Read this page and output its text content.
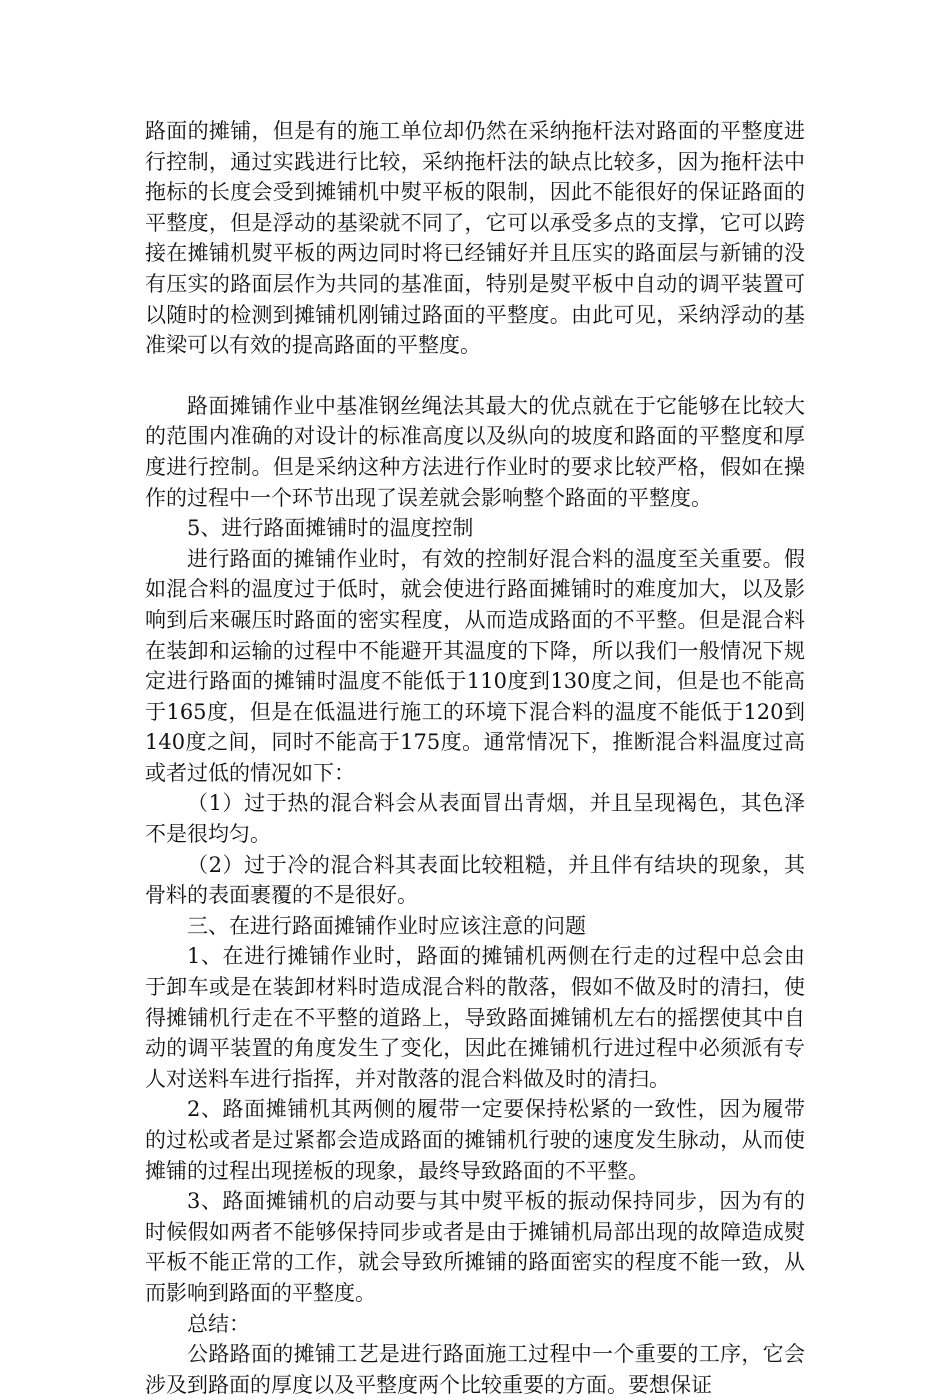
路面的摊铺，但是有的施工单位却仍然在采纳拖杆法对路面的平整度进行控制，通过实践进行比较，采纳拖杆法的缺点比较多，因为拖杆法中拖标的长度会受到摊铺机中熨平板的限制，因此不能很好的保证路面的平整度，但是浮动的基梁就不同了，它可以承受多点的支撑，它可以跨接在摊铺机熨平板的两边同时将已经铺好并且压实的路面层与新铺的没有压实的路面层作为共同的基准面，特别是熨平板中自动的调平装置可以随时的检测到摊铺机刚铺过路面的平整度。由此可见，采纳浮动的基准梁可以有效的提高路面的平整度。

路面摊铺作业中基准钢丝绳法其最大的优点就在于它能够在比较大的范围内准确的对设计的标准高度以及纵向的坡度和路面的平整度和厚度进行控制。但是采纳这种方法进行作业时的要求比较严格，假如在操作的过程中一个环节出现了误差就会影响整个路面的平整度。

5、进行路面摊铺时的温度控制

进行路面的摊铺作业时，有效的控制好混合料的温度至关重要。假如混合料的温度过于低时，就会使进行路面摊铺时的难度加大，以及影响到后来碾压时路面的密实程度，从而造成路面的不平整。但是混合料在装卸和运输的过程中不能避开其温度的下降，所以我们一般情况下规定进行路面的摊铺时温度不能低于110度到130度之间，但是也不能高于165度，但是在低温进行施工的环境下混合料的温度不能低于120到140度之间，同时不能高于175度。通常情况下，推断混合料温度过高或者过低的情况如下：

（1）过于热的混合料会从表面冒出青烟，并且呈现褐色，其色泽不是很均匀。

（2）过于冷的混合料其表面比较粗糙，并且伴有结块的现象，其骨料的表面裹覆的不是很好。

三、在进行路面摊铺作业时应该注意的问题

1、在进行摊铺作业时，路面的摊铺机两侧在行走的过程中总会由于卸车或是在装卸材料时造成混合料的散落，假如不做及时的清扫，使得摊铺机行走在不平整的道路上，导致路面摊铺机左右的摇摆使其中自动的调平装置的角度发生了变化，因此在摊铺机行进过程中必须派有专人对送料车进行指挥，并对散落的混合料做及时的清扫。

2、路面摊铺机其两侧的履带一定要保持松紧的一致性，因为履带的过松或者是过紧都会造成路面的摊铺机行驶的速度发生脉动，从而使摊铺的过程出现搓板的现象，最终导致路面的不平整。

3、路面摊铺机的启动要与其中熨平板的振动保持同步，因为有的时候假如两者不能够保持同步或者是由于摊铺机局部出现的故障造成熨平板不能正常的工作，就会导致所摊铺的路面密实的程度不能一致，从而影响到路面的平整度。

总结：

公路路面的摊铺工艺是进行路面施工过程中一个重要的工序，它会涉及到路面的厚度以及平整度两个比较重要的方面。要想保证
